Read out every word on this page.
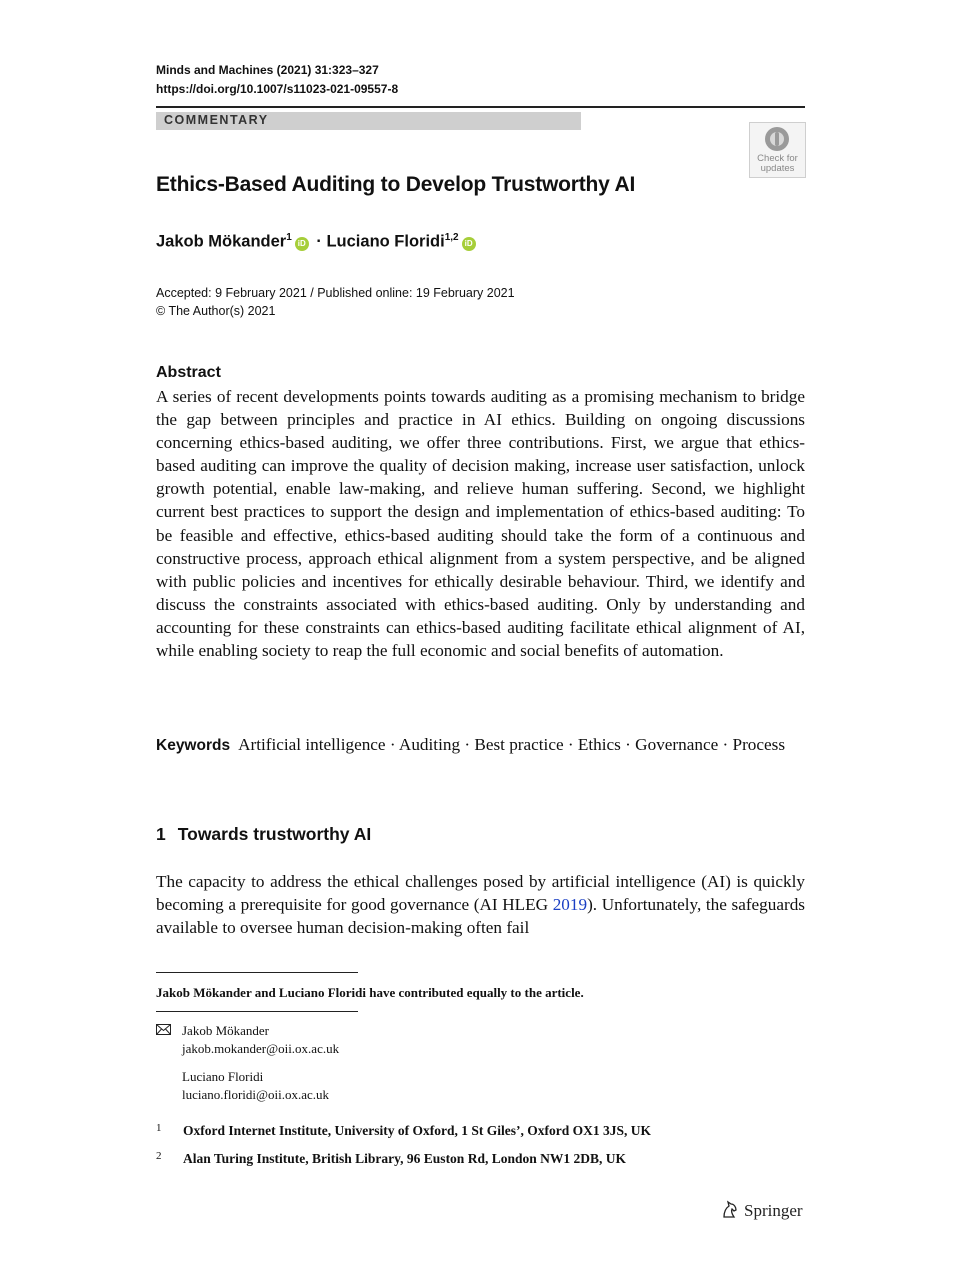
Minds and Machines (2021) 31:323–327
https://doi.org/10.1007/s11023-021-09557-8
COMMENTARY
Check for
updates
Ethics-Based Auditing to Develop Trustworthy AI
Jakob Mökander$^1$ iD · Luciano Floridi$^{1,2}$ iD
Accepted: 9 February 2021 / Published online: 19 February 2021
© The Author(s) 2021
Abstract
A series of recent developments points towards auditing as a promising mechanism to bridge the gap between principles and practice in AI ethics. Building on ongoing discussions concerning ethics-based auditing, we offer three contributions. First, we argue that ethics-based auditing can improve the quality of decision making, increase user satisfaction, unlock growth potential, enable law-making, and relieve human suffering. Second, we highlight current best practices to support the design and implementation of ethics-based auditing: To be feasible and effective, ethics-based auditing should take the form of a continuous and constructive process, approach ethical alignment from a system perspective, and be aligned with public policies and incentives for ethically desirable behaviour. Third, we identify and discuss the constraints associated with ethics-based auditing. Only by understanding and accounting for these constraints can ethics-based auditing facilitate ethical alignment of AI, while enabling society to reap the full economic and social benefits of automation.
Keywords Artificial intelligence · Auditing · Best practice · Ethics · Governance · Process
1 Towards trustworthy AI
The capacity to address the ethical challenges posed by artificial intelligence (AI) is quickly becoming a prerequisite for good governance (AI HLEG 2019). Unfortunately, the safeguards available to oversee human decision-making often fail
Jakob Mökander and Luciano Floridi have contributed equally to the article.
Jakob Mökander
jakob.mokander@oii.ox.ac.uk
Luciano Floridi
luciano.floridi@oii.ox.ac.uk
1 Oxford Internet Institute, University of Oxford, 1 St Giles’, Oxford OX1 3JS, UK
2 Alan Turing Institute, British Library, 96 Euston Rd, London NW1 2DB, UK
Springer
